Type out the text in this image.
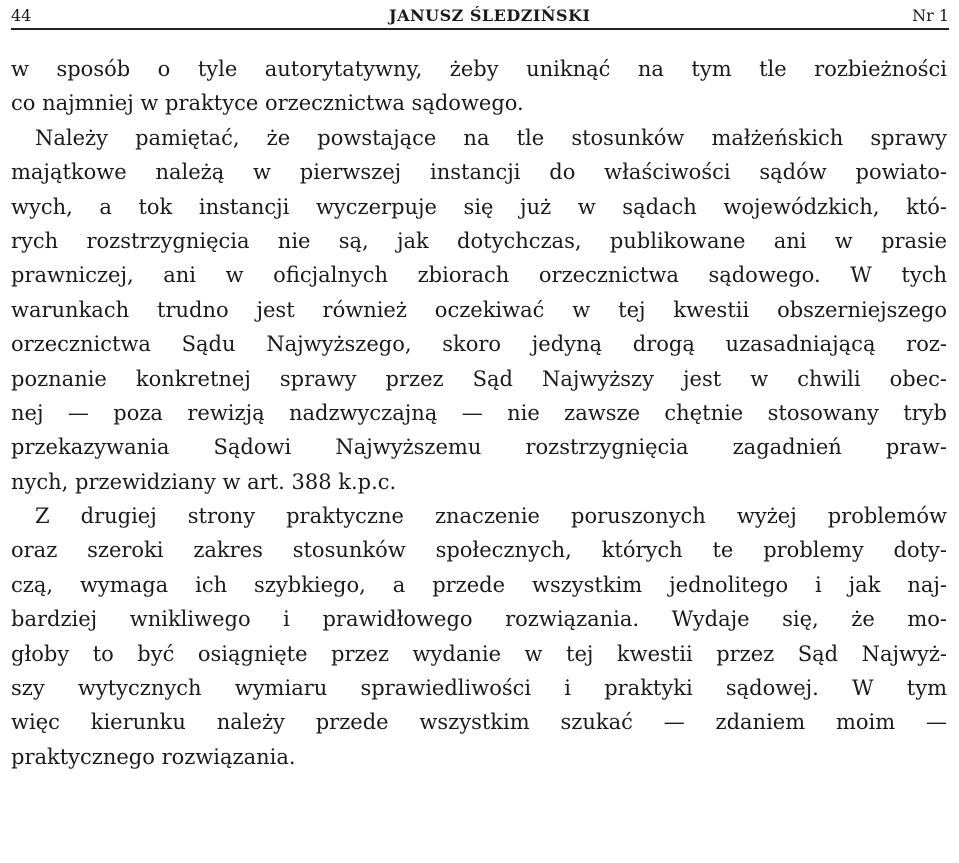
44	JANUSZ ŚLEDZIŃSKI	Nr 1
w sposób o tyle autorytatywny, żeby uniknąć na tym tle rozbieżności
co najmniej w praktyce orzecznictwa sądowego.
Należy pamiętać, że powstające na tle stosunków małżeńskich sprawy
majątkowe należą w pierwszej instancji do właściwości sądów powiato-
wych, a tok instancji wyczerpuje się już w sądach wojewódzkich, któ-
rych rozstrzygnięcia nie są, jak dotychczas, publikowane ani w prasie
prawniczej, ani w oficjalnych zbiorach orzecznictwa sądowego. W tych
warunkach trudno jest również oczekiwać w tej kwestii obszerniejszego
orzecznictwa Sądu Najwyższego, skoro jedyną drogą uzasadniającą roz-
poznanie konkretnej sprawy przez Sąd Najwyższy jest w chwili obec-
nej — poza rewizją nadzwyczajną — nie zawsze chętnie stosowany tryb
przekazywania Sądowi Najwyższemu rozstrzygnięcia zagadnień praw-
nych, przewidziany w art. 388 k.p.c.
Z drugiej strony praktyczne znaczenie poruszonych wyżej problemów
oraz szeroki zakres stosunków społecznych, których te problemy doty-
czą, wymaga ich szybkiego, a przede wszystkim jednolitego i jak naj-
bardziej wnikliwego i prawidłowego rozwiązania. Wydaje się, że mo-
głoby to być osiągnięte przez wydanie w tej kwestii przez Sąd Najwyż-
szy wytycznych wymiaru sprawiedliwości i praktyki sądowej. W tym
więc kierunku należy przede wszystkim szukać — zdaniem moim —
praktycznego rozwiązania.
